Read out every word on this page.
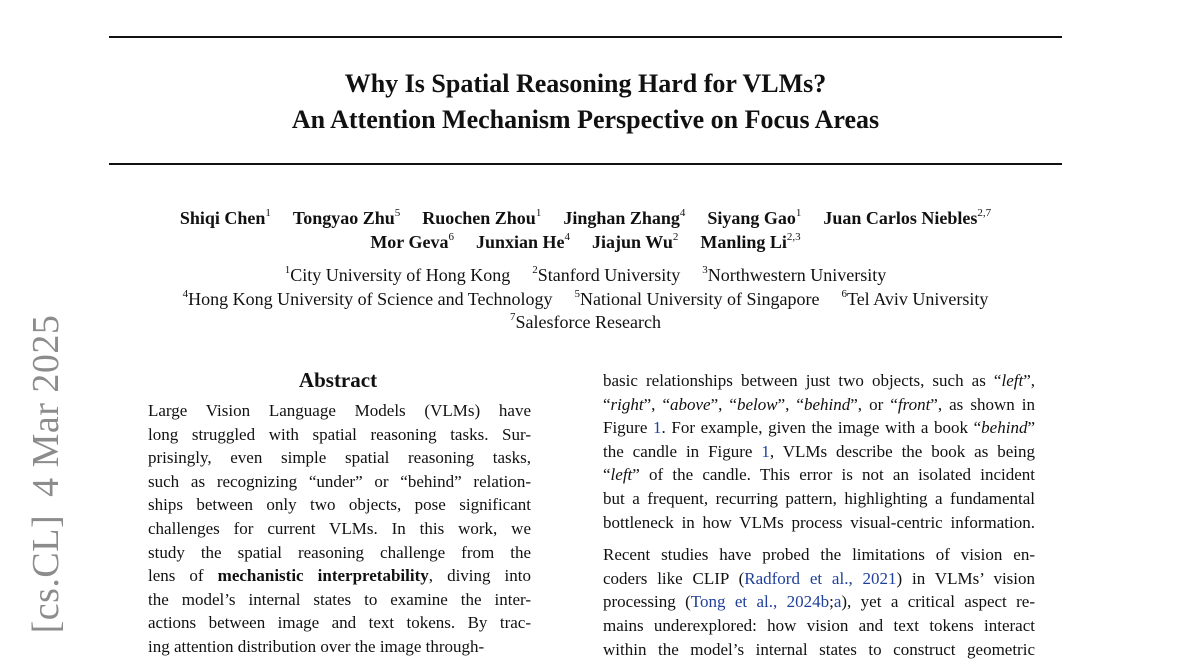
Why Is Spatial Reasoning Hard for VLMs?
An Attention Mechanism Perspective on Focus Areas
Shiqi Chen$^1$ Tongyao Zhu$^5$ Ruochen Zhou$^1$ Jinghan Zhang$^4$ Siyang Gao$^1$ Juan Carlos Niebles$^{2,7}$
Mor Geva$^6$ Junxian He$^4$ Jiajun Wu$^2$ Manling Li$^{2,3}$
$^1$City University of Hong Kong $^2$Stanford University $^3$Northwestern University
$^4$Hong Kong University of Science and Technology $^5$National University of Singapore $^6$Tel Aviv University
$^7$Salesforce Research
[cs.CL]4 Mar 2025	Abstract

Large Vision Language Models (VLMs) have

long struggled with spatial reasoning tasks. Sur-

prisingly, even simple spatial reasoning tasks,

such as recognizing “under” or “behind” relation-

ships between only two objects, pose significant

challenges for current VLMs. In this work, we

study the spatial reasoning challenge from the

lens of mechanistic interpretability, diving into

the model’s internal states to examine the inter-

actions between image and text tokens. By trac-

ing attention distribution over the image through-

basic relationships between just two objects, such as “left”,

“right”, “above”, “below”, “behind”, or “front”, as shown in

Figure 1. For example, given the image with a book “behind”

the candle in Figure 1, VLMs describe the book as being

“left” of the candle. This error is not an isolated incident

but a frequent, recurring pattern, highlighting a fundamental

bottleneck in how VLMs process visual-centric information.

Recent studies have probed the limitations of vision en-

coders like CLIP (Radford et al., 2021) in VLMs’ vision

processing (Tong et al., 2024b;a), yet a critical aspect re-

mains underexplored: how vision and text tokens interact

within the model’s internal states to construct geometric
